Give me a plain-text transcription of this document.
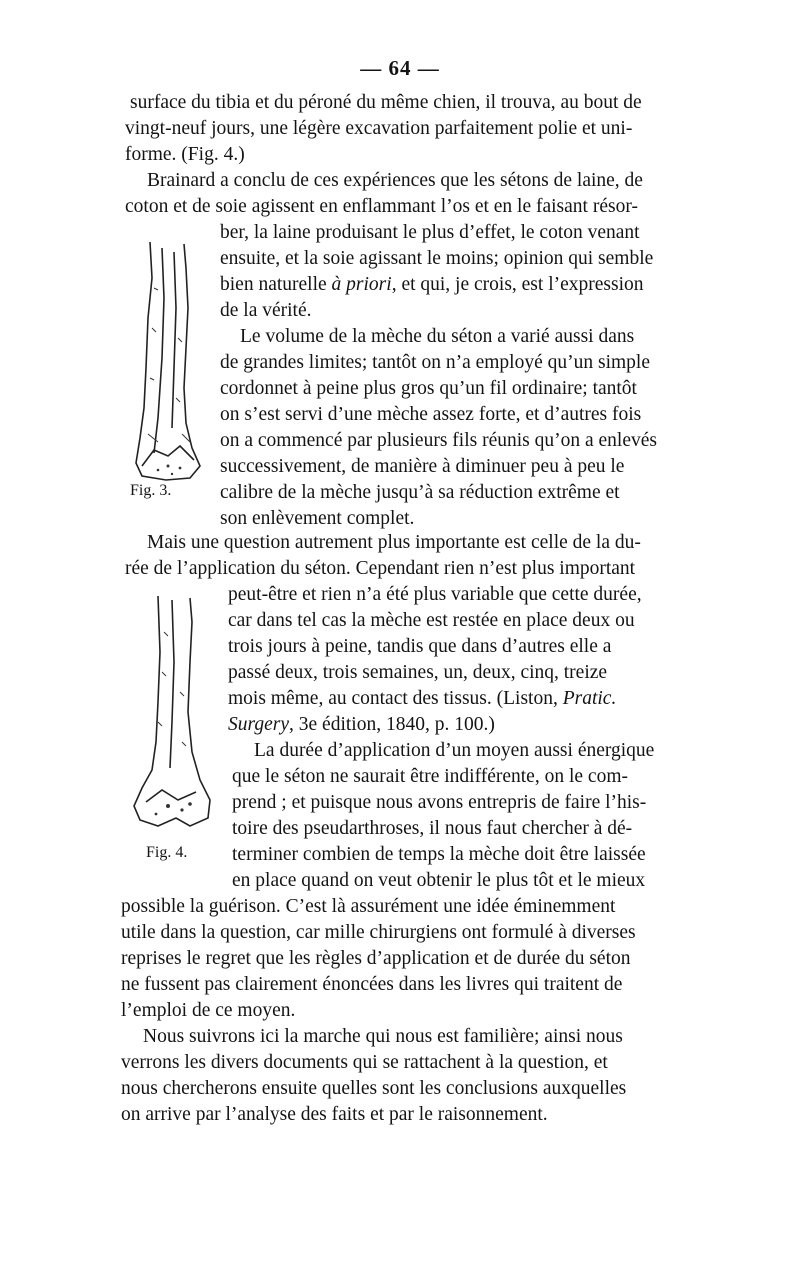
— 64 —
surface du tibia et du péroné du même chien, il trouva, au bout de
vingt-neuf jours, une légère excavation parfaitement polie et uni-
forme. (Fig. 4.)
Brainard a conclu de ces expériences que les sétons de laine, de
coton et de soie agissent en enflammant l’os et en le faisant résor-
ber, la laine produisant le plus d’effet, le coton venant
ensuite, et la soie agissant le moins; opinion qui semble
bien naturelle à priori, et qui, je crois, est l’expression
de la vérité.
Le volume de la mèche du séton a varié aussi dans
de grandes limites; tantôt on n’a employé qu’un simple
cordonnet à peine plus gros qu’un fil ordinaire; tantôt
on s’est servi d’une mèche assez forte, et d’autres fois
on a commencé par plusieurs fils réunis qu’on a enlevés
successivement, de manière à diminuer peu à peu le
calibre de la mèche jusqu’à sa réduction extrême et
son enlèvement complet.
Mais une question autrement plus importante est celle de la du-
rée de l’application du séton. Cependant rien n’est plus important
peut-être et rien n’a été plus variable que cette durée,
car dans tel cas la mèche est restée en place deux ou
trois jours à peine, tandis que dans d’autres elle a
passé deux, trois semaines, un, deux, cinq, treize
mois même, au contact des tissus. (Liston, Pratic.
Surgery, 3e édition, 1840, p. 100.)
La durée d’application d’un moyen aussi énergique
que le séton ne saurait être indifférente, on le com-
prend ; et puisque nous avons entrepris de faire l’his-
toire des pseudarthroses, il nous faut chercher à dé-
terminer combien de temps la mèche doit être laissée
en place quand on veut obtenir le plus tôt et le mieux
possible la guérison. C’est là assurément une idée éminemment
utile dans la question, car mille chirurgiens ont formulé à diverses
reprises le regret que les règles d’application et de durée du séton
ne fussent pas clairement énoncées dans les livres qui traitent de
l’emploi de ce moyen.
Nous suivrons ici la marche qui nous est familière; ainsi nous
verrons les divers documents qui se rattachent à la question, et
nous chercherons ensuite quelles sont les conclusions auxquelles
on arrive par l’analyse des faits et par le raisonnement.
Fig. 3.
Fig. 4.
